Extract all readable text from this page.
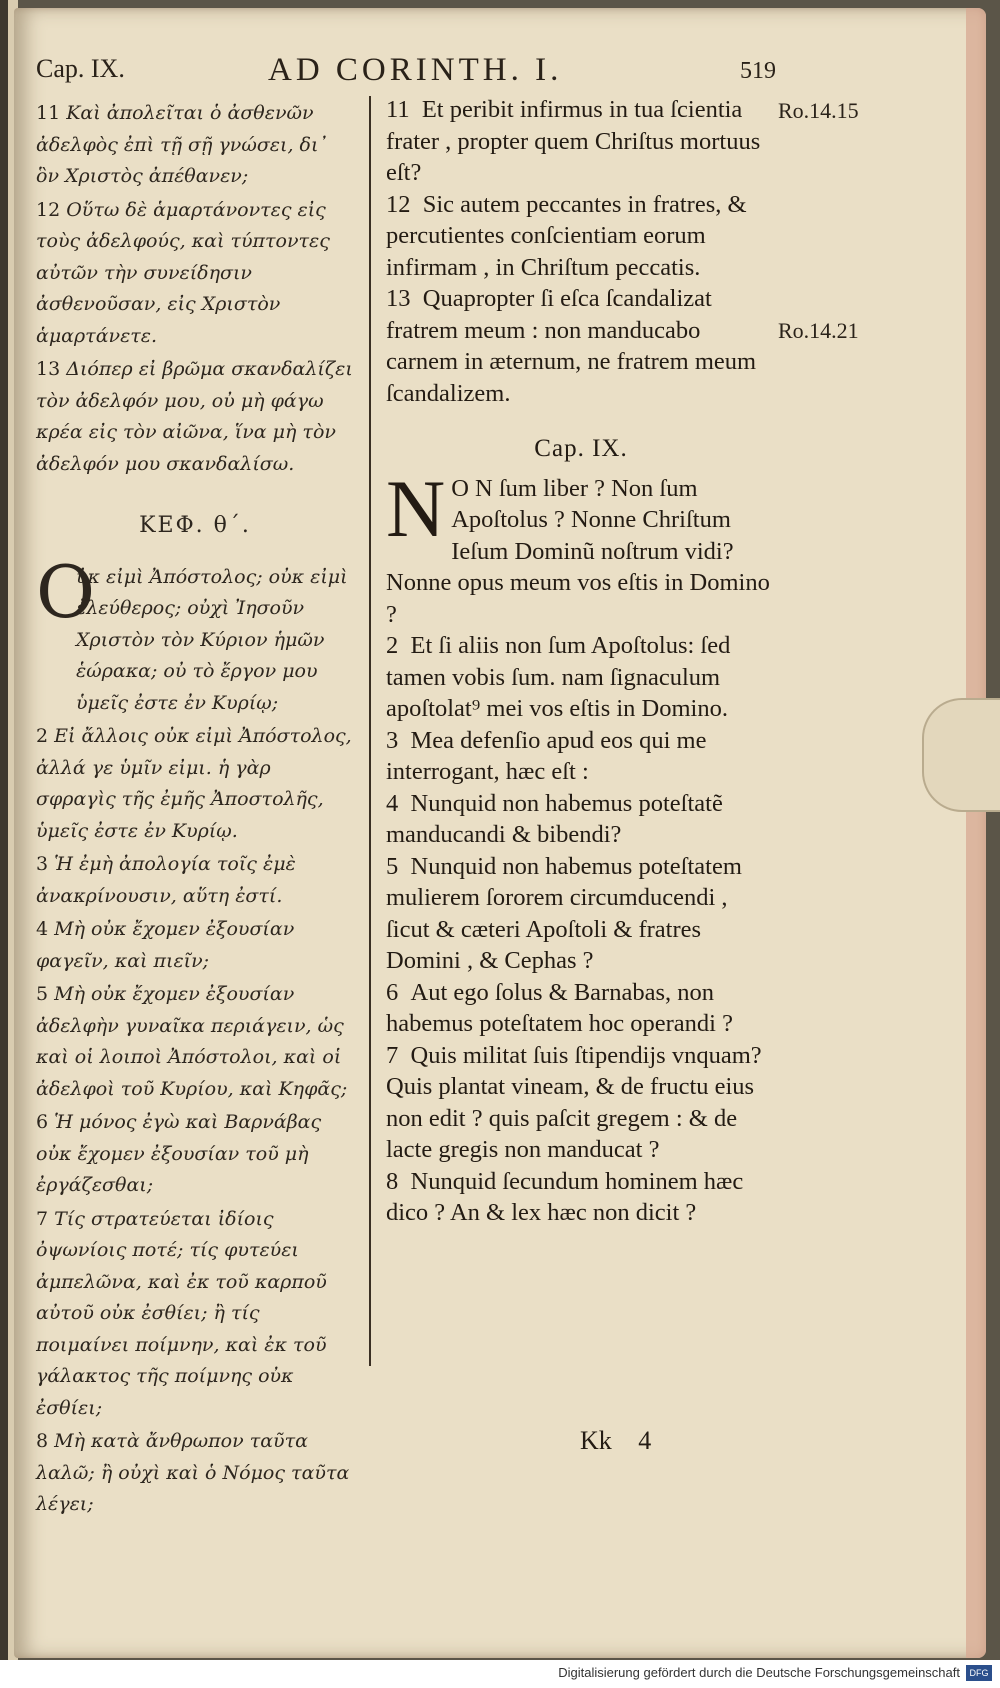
Cap. IX.	AD CORINTH. I.	519

11 Καὶ ἀπολεῖται ὁ ἀσθενῶν ἀδελφὸς ἐπὶ τῇ σῇ γνώσει, δι᾽ ὃν Χριστὸς ἀπέθανεν;

12 Οὕτω δὲ ἁμαρτάνοντες εἰς τοὺς ἀδελφούς, καὶ τύπτοντες αὐτῶν τὴν συνείδησιν ἀσθενοῦσαν, εἰς Χριστὸν ἁμαρτάνετε.

13 Διόπερ εἰ βρῶμα σκανδαλίζει τὸν ἀδελφόν μου, οὐ μὴ φάγω κρέα εἰς τὸν αἰῶνα, ἵνα μὴ τὸν ἀδελφόν μου σκανδαλίσω.

ΚΕΦ. θ΄.

O
ὐκ εἰμὶ Ἀπόστολος; οὐκ εἰμὶ ἐλεύθερος; οὐχὶ Ἰησοῦν Χριστὸν τὸν Κύριον ἡμῶν ἑώρακα; οὐ τὸ ἔργον μου ὑμεῖς ἐστε ἐν Κυρίῳ;

2 Εἰ ἄλλοις οὐκ εἰμὶ Ἀπόστολος, ἀλλά γε ὑμῖν εἰμι. ἡ γὰρ σφραγὶς τῆς ἐμῆς Ἀποστολῆς, ὑμεῖς ἐστε ἐν Κυρίῳ.

3 Ἡ ἐμὴ ἀπολογία τοῖς ἐμὲ ἀνακρίνουσιν, αὕτη ἐστί.

4 Μὴ οὐκ ἔχομεν ἐξουσίαν φαγεῖν, καὶ πιεῖν;

5 Μὴ οὐκ ἔχομεν ἐξουσίαν ἀδελφὴν γυναῖκα περιάγειν, ὡς καὶ οἱ λοιποὶ Ἀπόστολοι, καὶ οἱ ἀδελφοὶ τοῦ Κυρίου, καὶ Κηφᾶς;

6 Ἡ μόνος ἐγὼ καὶ Βαρνάβας οὐκ ἔχομεν ἐξουσίαν τοῦ μὴ ἐργάζεσθαι;

7 Τίς στρατεύεται ἰδίοις ὀψωνίοις ποτέ; τίς φυτεύει ἀμπελῶνα, καὶ ἐκ τοῦ καρποῦ αὐτοῦ οὐκ ἐσθίει; ἢ τίς ποιμαίνει ποίμνην, καὶ ἐκ τοῦ γάλακτος τῆς ποίμνης οὐκ ἐσθίει;

8 Μὴ κατὰ ἄνθρωπον ταῦτα λαλῶ; ἢ οὐχὶ καὶ ὁ Νόμος ταῦτα λέγει;

11 Et peribit infirmus in tua ſcientia frater , propter quem Chriſtus mortuus eſt?

12 Sic autem peccantes in fratres, & percutientes conſcientiam eorum infirmam , in Chriſtum peccatis.

13 Quapropter ſi eſca ſcandalizat fratrem meum : non manducabo carnem in æternum, ne fratrem meum ſcandalizem.

Cap. IX.

N O N ſum liber ? Non ſum Apoſtolus ? Nonne Chriſtum Ieſum Dominũ noſtrum vidi? Nonne opus meum vos eſtis in Domino ?

2 Et ſi aliis non ſum Apoſtolus: ſed tamen vobis ſum. nam ſignaculum apoſtolat⁹ mei vos eſtis in Domino.

3 Mea defenſio apud eos qui me interrogant, hæc eſt :

4 Nunquid non habemus poteſtatẽ manducandi & bibendi?

5 Nunquid non habemus poteſtatem mulierem ſororem circumducendi , ſicut & cæteri Apoſtoli & fratres Domini , & Cephas ?

6 Aut ego ſolus & Barnabas, non habemus poteſtatem hoc operandi ?

7 Quis militat ſuis ſtipendijs vnquam? Quis plantat vineam, & de fructu eius non edit ? quis paſcit gregem : & de lacte gregis non manducat ?

8 Nunquid ſecundum hominem hæc dico ? An & lex hæc non dicit ?

Ro.14.15
Ro.14.21
Kk 4
Digitalisierung gefördert durch die Deutsche Forschungsgemeinschaft	DFG
